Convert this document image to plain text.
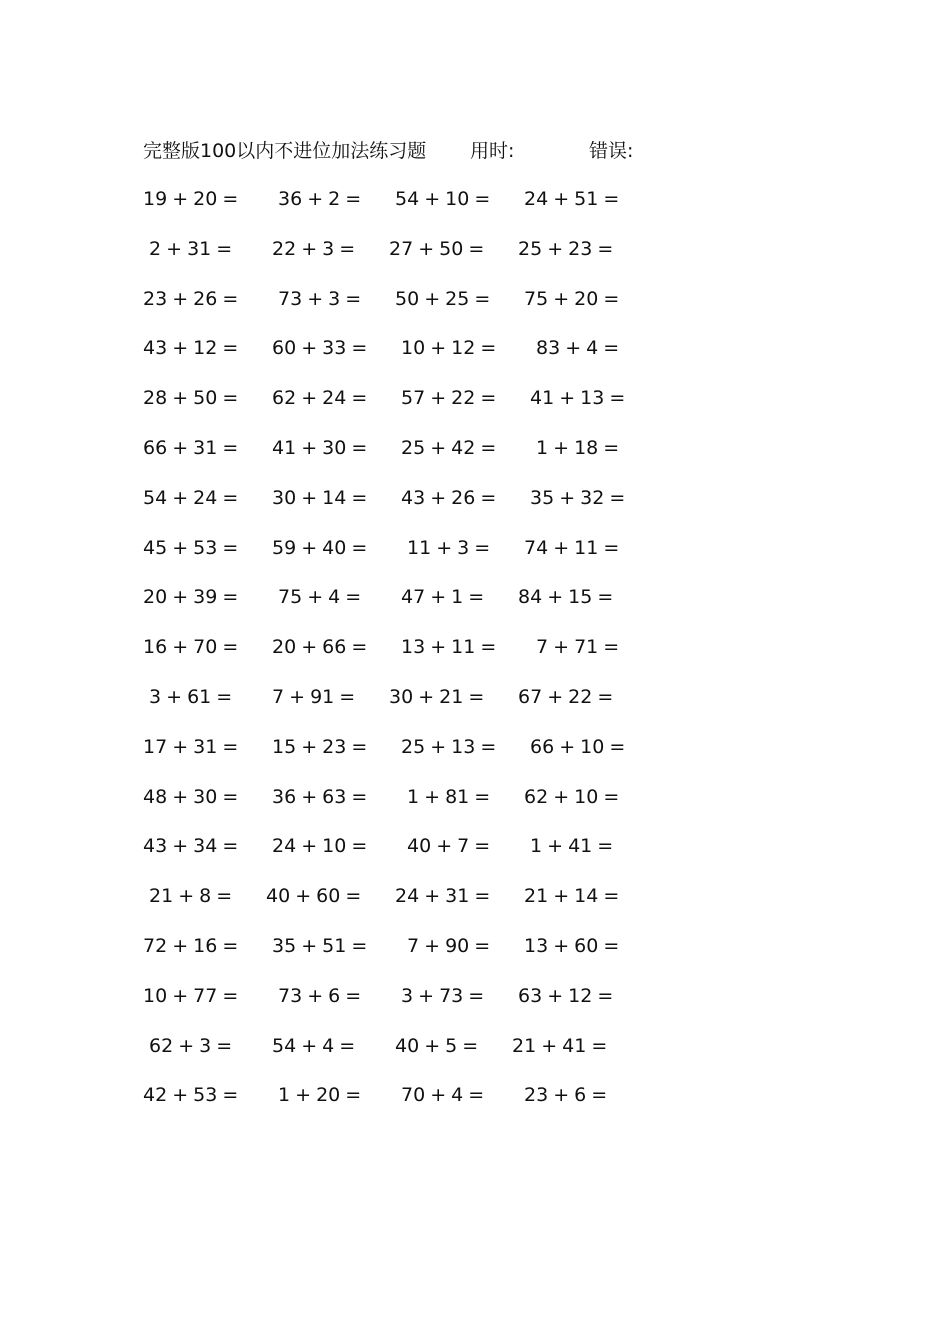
完整版100以内不进位加法练习题 用时:	错误:
19 + 20 = 36 + 2 = 54 + 10 = 24 + 51 =
2 + 31 = 22 + 3 = 27 + 50 = 25 + 23 =
23 + 26 = 73 + 3 = 50 + 25 = 75 + 20 =
43 + 12 = 60 + 33 = 10 + 12 = 83 + 4 =
28 + 50 = 62 + 24 = 57 + 22 = 41 + 13 =
66 + 31 = 41 + 30 = 25 + 42 = 1 + 18 =
54 + 24 = 30 + 14 = 43 + 26 = 35 + 32 =
45 + 53 = 59 + 40 = 11 + 3 = 74 + 11 =
20 + 39 = 75 + 4 = 47 + 1 = 84 + 15 =
16 + 70 = 20 + 66 = 13 + 11 = 7 + 71 =
3 + 61 = 7 + 91 = 30 + 21 = 67 + 22 =
17 + 31 = 15 + 23 = 25 + 13 = 66 + 10 =
48 + 30 = 36 + 63 = 1 + 81 = 62 + 10 =
43 + 34 = 24 + 10 = 40 + 7 = 1 + 41 =
21 + 8 = 40 + 60 = 24 + 31 = 21 + 14 =
72 + 16 = 35 + 51 = 7 + 90 = 13 + 60 =
10 + 77 = 73 + 6 = 3 + 73 = 63 + 12 =
62 + 3 = 54 + 4 = 40 + 5 = 21 + 41 =
42 + 53 = 1 + 20 = 70 + 4 = 23 + 6 =
